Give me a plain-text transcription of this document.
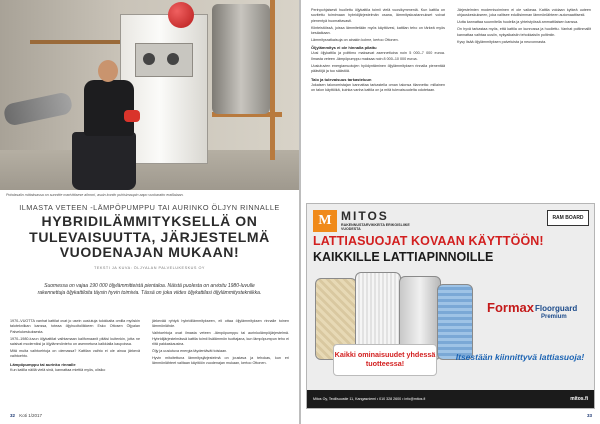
Pohdasalin mittaksassa on sunnitte marivittisese aihroni, asuin kontin puhisimaupin aapo vuokaratto eraillaiaan.
ILMASTA VETEEN -LÄMPÖPUMPPU TAI AURINKO ÖLJYN RINNALLE
HYBRIDILÄMMITYKSELLÄ ON TULEVAISUUTTA, JÄRJESTELMÄ VUODENAJAN MUKAAN!
TEKSTI JA KUVA: ÖLJYALAN PALVELUKESKUS OY
Suomessa on vajaa 190 000 öljylämmitteistä pientaloa. Näistä puolesta on arvioitu 1980-luvulle rakennettuja öljykattiloita täysin hyvin toimivia. Tässä on joka viides öljykattilasi öljylämmitystekniikka.

1970–VUOTTA vanhat kattilat ovat jo usein uusiutuja tulokkaita omilla myöskin talotekniikan kanssa, toteaa öljyhuoltoliikkeen Esko Ottosen Öljyalan Palvelukeskuksesta.

1970–1980-luvun öljykattilat vaihtamaan kalifornaanit pitäisi kuitenkin, jotta ne saisivat moderniksi ja öljylämmönteho on asennetuna kaikkialla kaupoissa.

Mitä muita vaihtoehtoja on olemassa? Kattilan vaihto ei ole ainoa järkevä vaihtoehto.

Lämpöpumppu tai aurinko rinnalle

Kun katilla näillä vielä sinä, kannattaa miettiä myös, olisiko

järkevää ryhtyä hybridilämmitykseen, eli ottaa öljylämmityksen rinnalle toinen lämmönlähde.

Vaihtoehtoja ovat ilmasta veteen -lämpöpumppu tai aurinkolämpöjärjestelmä. Hybridijärjestelmässä kattila toimii lisälämmön tuottajana, kun lämpöpumpun teho ei riitä pakkaskausina.

Öljy ja uusiutuva energia täydentävät toisiaan.

Hyvin mitoitettuna lämmitysjärjestelmä on joustava ja tehokas, kun eri lämmönlähteet valitaan käyttöön vuodenajan mukaan, kertoo Ottonen.

32 Koti 1/2017

Perinpohjaisesti huollettu öljykattila toimii vielä vuosikymmeniä. Kun kattila on sovitettu toimimaan hybridijärjestelmän osana, lämmityskustannukset voivat pienentyä huomattavasti.

Kiinteistöissä, joissa lämmitetään myös käyttövesi, kattilan teho on tärkeä myös kesäaikaan.

Lämmitysratkaisuja on ainakin kolme, kertoo Ottonen.

Öljylämmitys ei ole hinnalla pilattu

Uusi öljykattila ja polttimo maksavat asennettuina noin 5 000–7 000 euroa. Ilmasta veteen -lämpöpumppu maksaa noin 8 000–10 000 euroa.

Uusiutuvien energiamuotojen hyödyntäminen öljylämmityksen rinnalla pienentää päästöjä ja tuo säästöä.

Talo ja tulevaisuus tarkasteluun

Jokaisen talonomistajan kannattaa tarkastella oman talonsa tilannetta: millainen on talon käyttöikä, kuinka vanha kattila on ja mitä tulevaisuudelta odotetaan.

Järjestelmien modernisoiminen ei ole vaikeaa. Kattila voidaan kytkeä uuteen ohjauskeskukseen, joka valitsee edullisimman lämmönlähteen automaattisesti.

Uutta kannattaa suunnitella huolella ja yhteistyössä ammattilaisen kanssa.

On hyvä tarkastaa myös, että kattila on kunnossa ja huollettu. Vanhat poltinmallit kannattaa vaihtaa uusiin, nykyaikaisiin tehokkaisiin poltimiin.

Kysy lisää öljylämmityksen palveluista ja neuvonnasta.

M MITOS
RAKENNUSTARVIKKEITA ERIKOISLIIKE VUODESTA
RAM BOARD
LATTIASUOJAT KOVAAN KÄYTTÖÖN!
KAIKKILLE LATTIAPINNOILLE
Formax Floorguard
Premium
Kaikki ominaisuudet yhdessä tuotteessa!
Itsestään kiinnittyvä lattiasuoja!
Mitos Oy, Teollisuustie 11, Kangasniemi • 010 328 2600 • info@mitos.fi	mitos.fi
33
